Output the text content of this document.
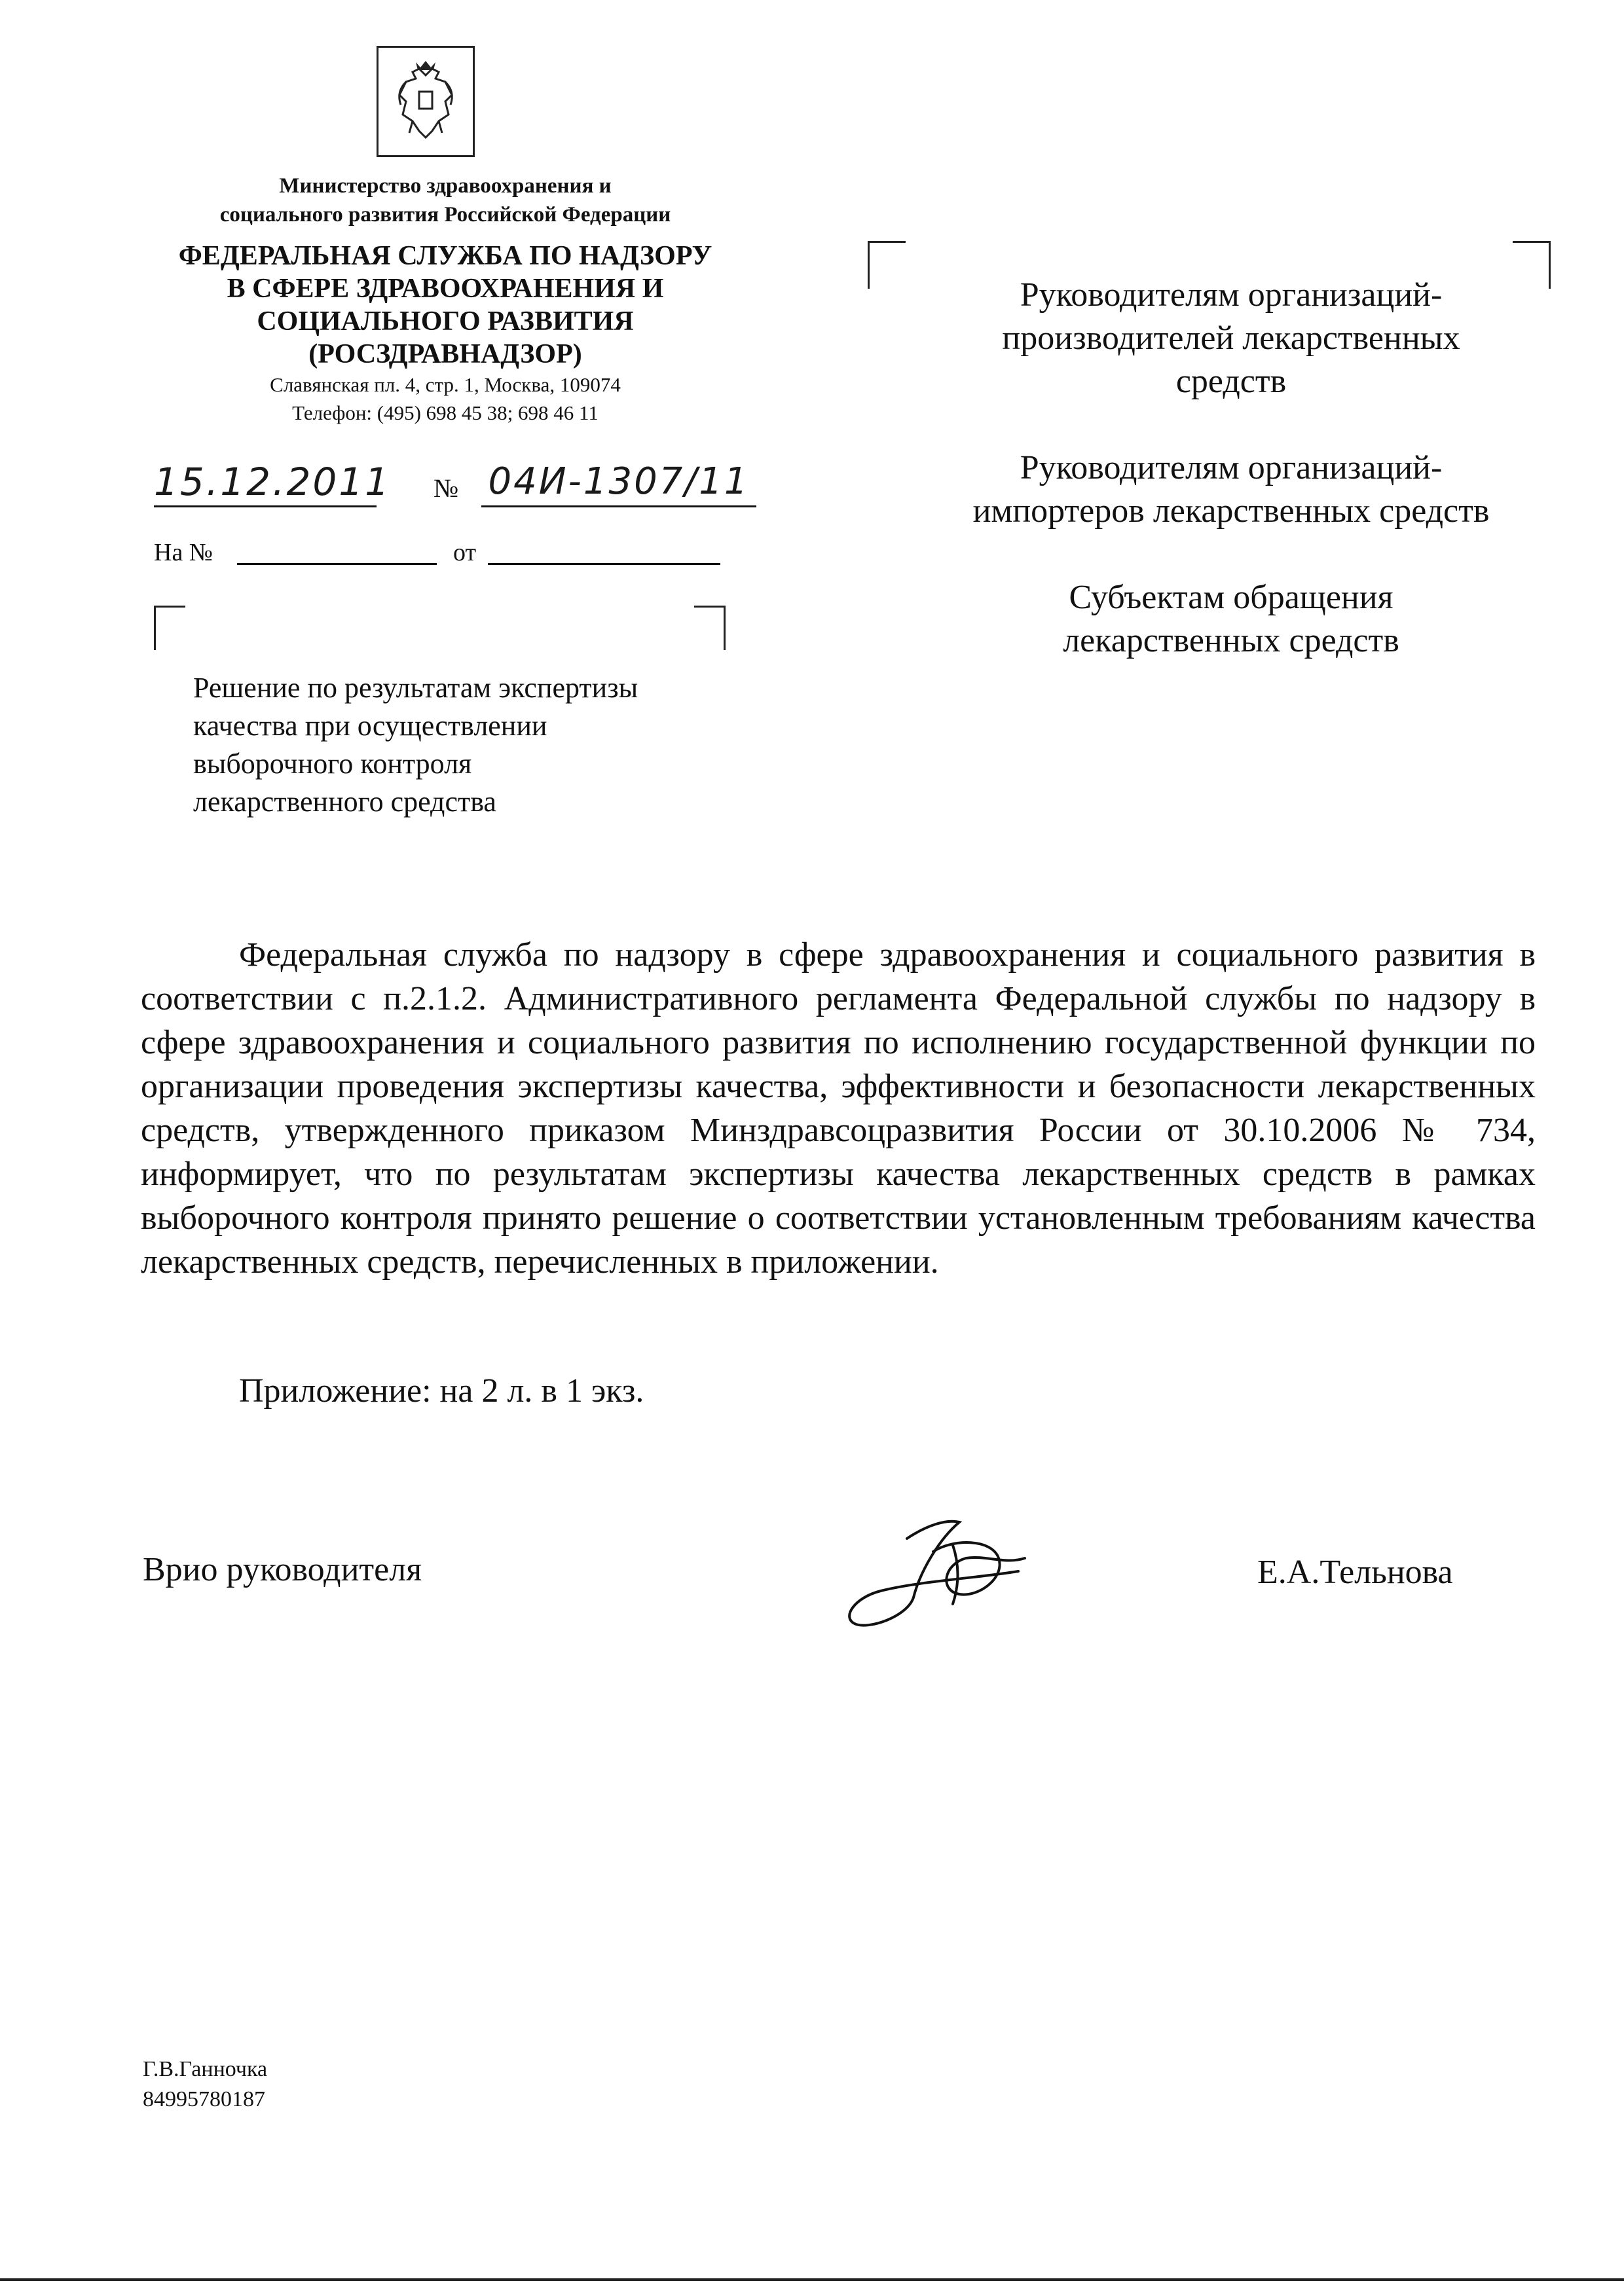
Министерство здравоохранения и
социального развития Российской Федерации
ФЕДЕРАЛЬНАЯ СЛУЖБА ПО НАДЗОРУ
В СФЕРЕ ЗДРАВООХРАНЕНИЯ И
СОЦИАЛЬНОГО РАЗВИТИЯ
(РОСЗДРАВНАДЗОР)
Славянская пл. 4, стр. 1, Москва, 109074
Телефон: (495) 698 45 38; 698 46 11
15.12.2011 № 04И-1307/11
На №	от
Решение по результатам экспертизы
качества при осуществлении
выборочного контроля
лекарственного средства

Руководителям организаций-
производителей лекарственных
средств

Руководителям организаций-
импортеров лекарственных средств

Субъектам обращения
лекарственных средств

Федеральная служба по надзору в сфере здравоохранения и социального развития в соответствии с п.2.1.2. Административного регламента Федеральной службы по надзору в сфере здравоохранения и социального развития по исполнению государственной функции по организации проведения экспертизы качества, эффективности и безопасности лекарственных средств, утвержденного приказом Минздравсоцразвития России от 30.10.2006 № 734, информирует, что по результатам экспертизы качества лекарственных средств в рамках выборочного контроля принято решение о соответствии установленным требованиям качества лекарственных средств, перечисленных в приложении.
Приложение: на 2 л. в 1 экз.
Врио руководителя	Е.А.Тельнова
Г.В.Ганночка
84995780187
